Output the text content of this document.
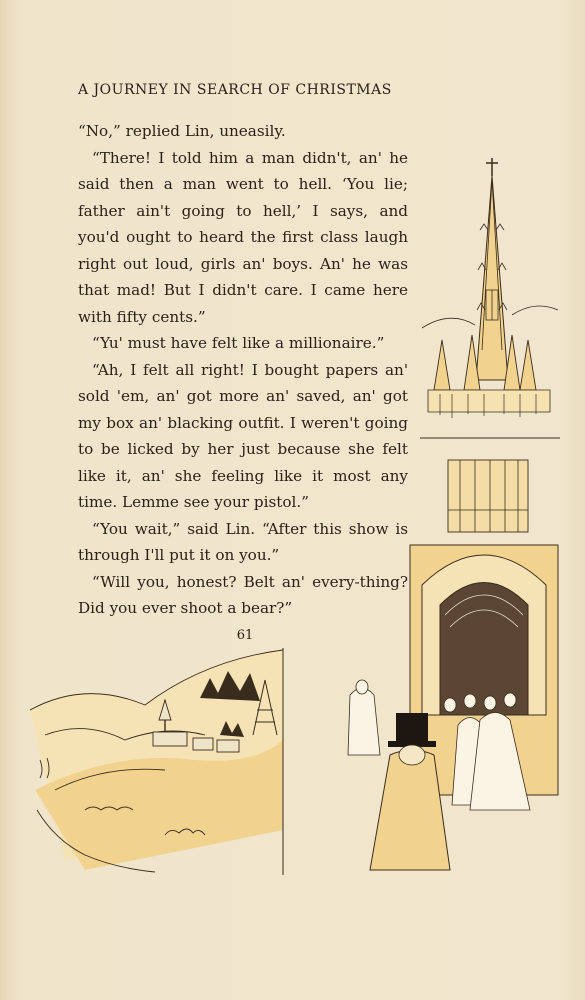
A JOURNEY IN SEARCH OF CHRISTMAS

“No,” replied Lin, uneasily.

“There! I told him a man didn't, an' he said then a man went to hell. ‘You lie; father ain't going to hell,’ I says, and you'd ought to heard the first class laugh right out loud, girls an' boys. An' he was that mad! But I didn't care. I came here with fifty cents.”

“Yu' must have felt like a millionaire.”

“Ah, I felt all right! I bought papers an' sold 'em, an' got more an' saved, an' got my box an' blacking outfit. I weren't going to be licked by her just because she felt like it, an' she feeling like it most any time. Lemme see your pistol.”

“You wait,” said Lin. “After this show is through I'll put it on you.”

“Will you, honest? Belt an' every-thing? Did you ever shoot a bear?”

61
